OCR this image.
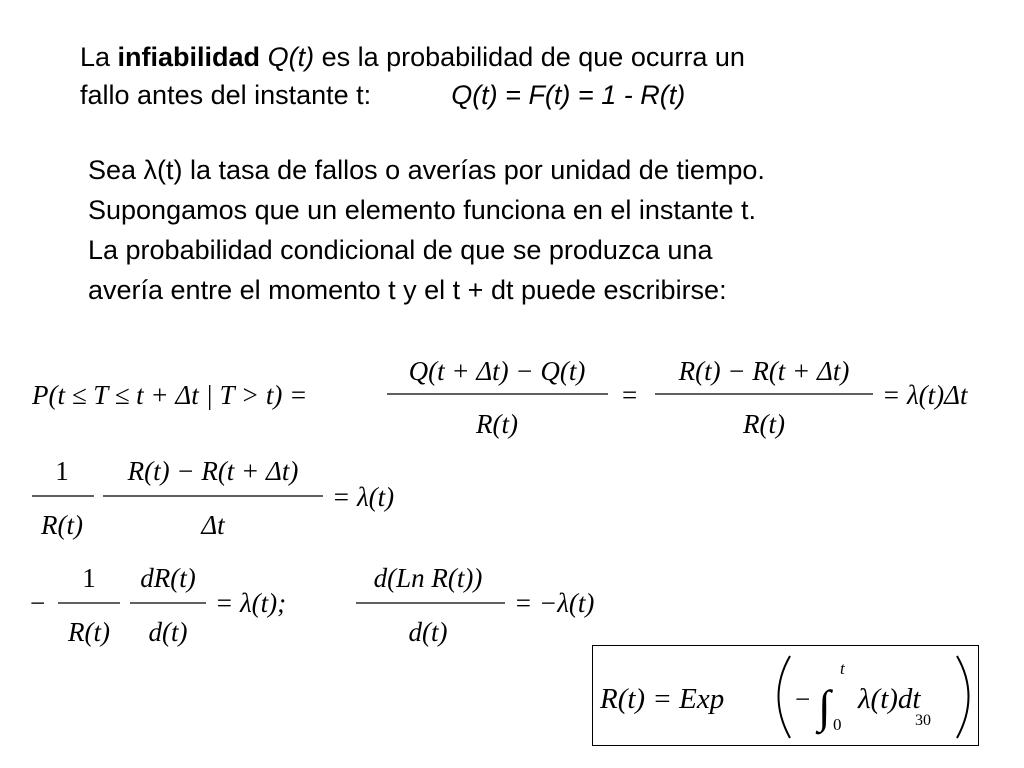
La infiabilidad Q(t) es la probabilidad de que ocurra un
fallo antes del instante t:	Q(t) = F(t) = 1 - R(t)
Sea λ(t) la tasa de fallos o averías por unidad de tiempo.
Supongamos que un elemento funciona en el instante t.
La probabilidad condicional de que se produzca una
avería entre el momento t y el t + dt puede escribirse:
P(t ≤ T ≤ t + Δt | T > t) =
Q(t + Δt) − Q(t)
R(t)
=
R(t) − R(t + Δt)
R(t)
= λ(t)Δt
1
R(t)
R(t) − R(t + Δt)
Δt
= λ(t)
−
1
R(t)
dR(t)
d(t)
= λ(t);
d(Ln R(t))
d(t)
= −λ(t)
R(t) = Exp	− ∫
t
0
λ(t)dt
30
